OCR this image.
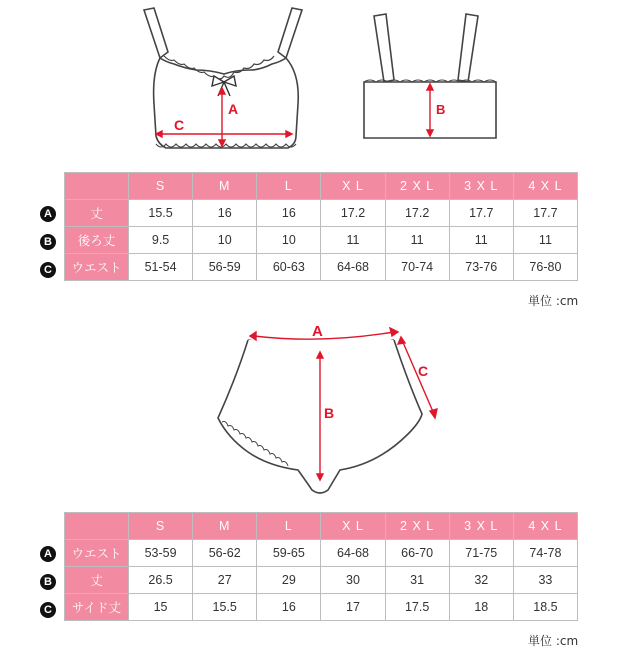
A
C
B
A
B
C
	S	M	L	X L	2 X L	3 X L	4 X L
丈	15.5	16	16	17.2	17.2	17.7	17.7
後ろ丈	9.5	10	10	11	11	11	11
ウエスト	51-54	56-59	60-63	64-68	70-74	73-76	76-80
単位 :cm
A
B
C
A
B
C
	S	M	L	X L	2 X L	3 X L	4 X L
ウエスト	53-59	56-62	59-65	64-68	66-70	71-75	74-78
丈	26.5	27	29	30	31	32	33
サイド丈	15	15.5	16	17	17.5	18	18.5
単位 :cm
